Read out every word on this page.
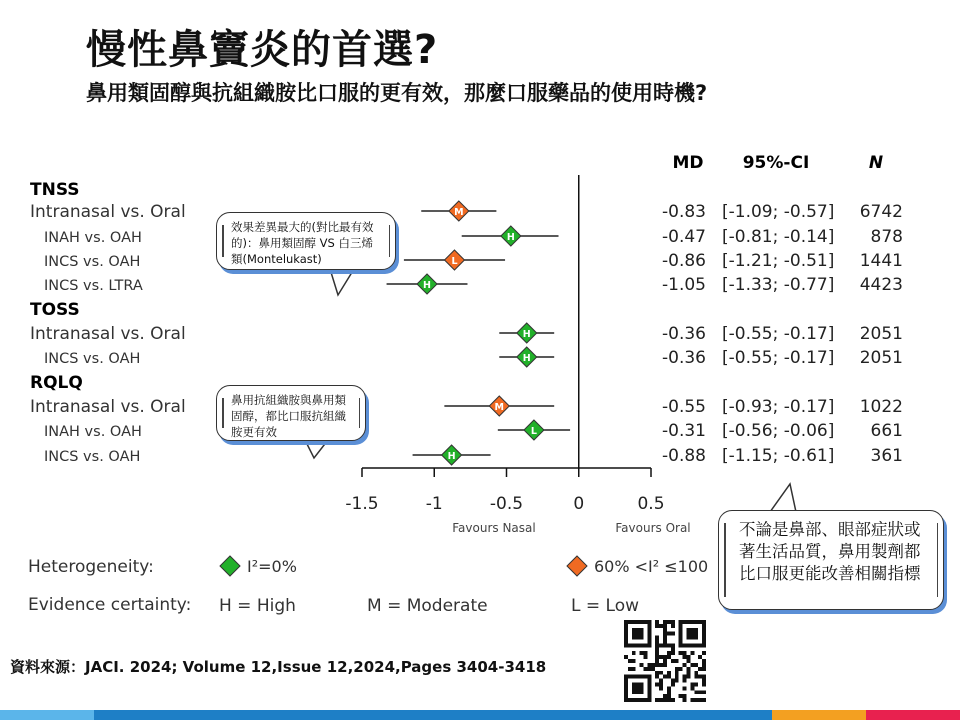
慢性鼻竇炎的首選?
鼻用類固醇與抗組織胺比口服的更有效，那麼口服藥品的使用時機?
MD 95%-CI	N
TNSS
Intranasal vs. Oral	M	-0.83 [-1.09; -0.57] 6742
INAH vs. OAH	H	-0.47 [-0.81; -0.14] 878
INCS vs. OAH	L	-0.86 [-1.21; -0.51] 1441
INCS vs. LTRA	H	-1.05 [-1.33; -0.77] 4423
TOSS
Intranasal vs. Oral	H	-0.36 [-0.55; -0.17] 2051
INCS vs. OAH	H	-0.36 [-0.55; -0.17] 2051
RQLQ
Intranasal vs. Oral	M	-0.55 [-0.93; -0.17] 1022
INAH vs. OAH	L	-0.31 [-0.56; -0.06] 661
INCS vs. OAH	H	-0.88 [-1.15; -0.61] 361
-1.5	-1	-0.5	0	0.5
Favours Nasal	Favours Oral
Heterogeneity:	I²=0%	60% <I² ≤100
Evidence certainty: H = High	M = Moderate	L = Low
效果差異最大的(對比最有效的)：鼻用類固醇 VS 白三烯類(Montelukast)
鼻用抗組織胺與鼻用類固醇，都比口服抗組織胺更有效
不論是鼻部、眼部症狀或著生活品質，鼻用製劑都比口服更能改善相關指標
資料來源：JACI. 2024; Volume 12,Issue 12,2024,Pages 3404-3418
